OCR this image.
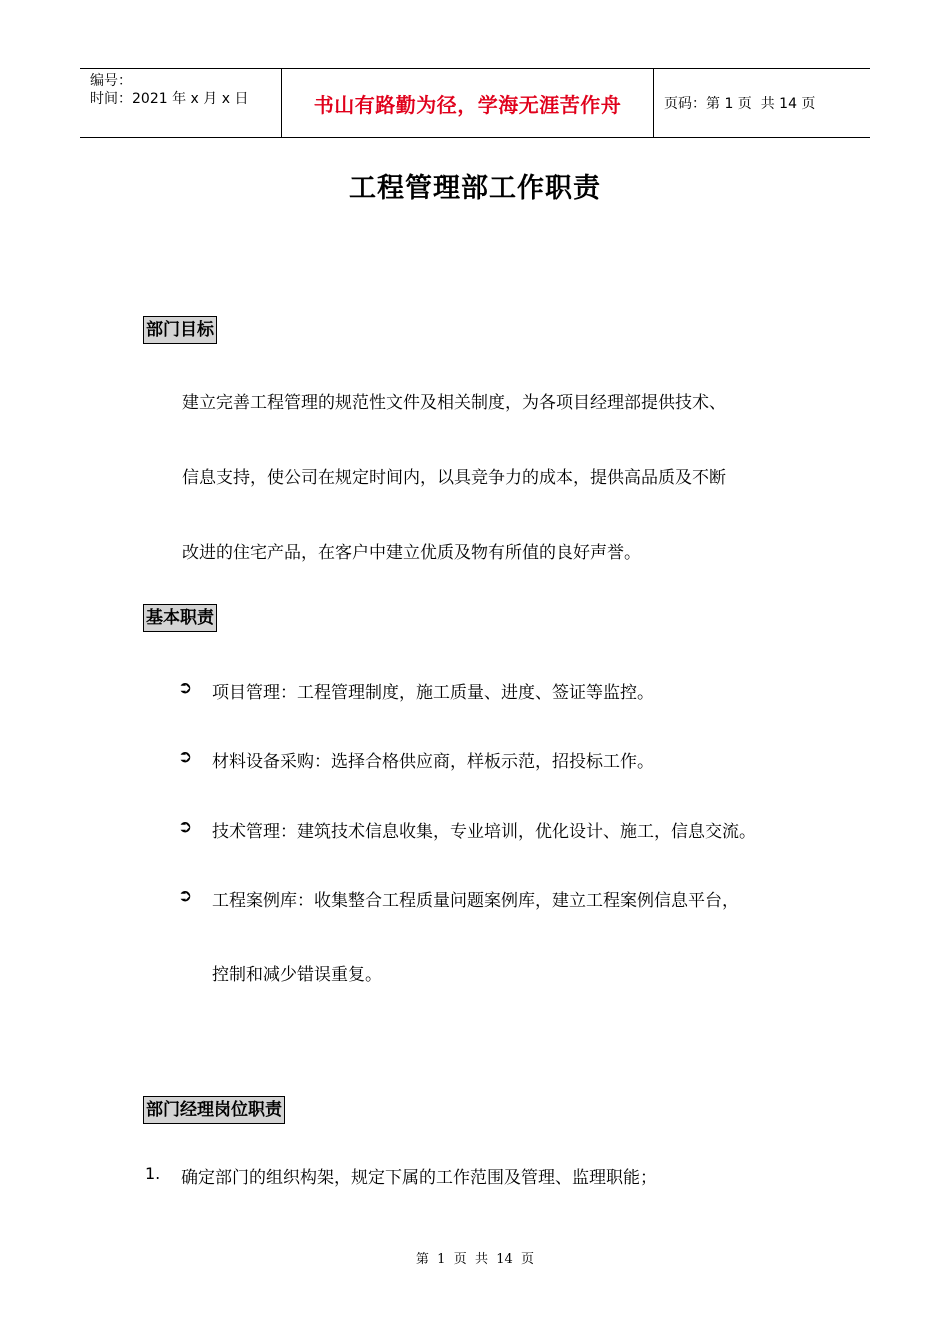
编号：
时间：2021 年 x 月 x 日	书山有路勤为径，学海无涯苦作舟	页码：第 1 页  共 14 页
工程管理部工作职责
部门目标
建立完善工程管理的规范性文件及相关制度，为各项目经理部提供技术、
信息支持，使公司在规定时间内，以具竞争力的成本，提供高品质及不断
改进的住宅产品，在客户中建立优质及物有所值的良好声誉。
基本职责
➲ 项目管理：工程管理制度，施工质量、进度、签证等监控。
➲ 材料设备采购：选择合格供应商，样板示范，招投标工作。
➲ 技术管理：建筑技术信息收集，专业培训，优化设计、施工，信息交流。
➲ 工程案例库：收集整合工程质量问题案例库，建立工程案例信息平台，
控制和减少错误重复。
部门经理岗位职责
1. 确定部门的组织构架，规定下属的工作范围及管理、监理职能；
第  1  页  共  14  页
